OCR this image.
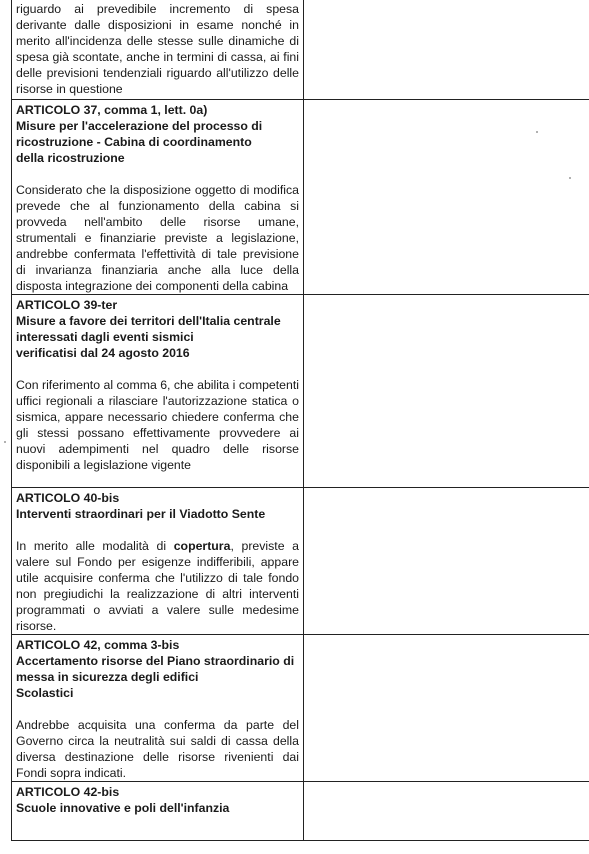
riguardo ai prevedibile incremento di spesa derivante dalle disposizioni in esame nonché in merito all'incidenza delle stesse sulle dinamiche di spesa già scontate, anche in termini di cassa, ai fini delle previsioni tendenziali riguardo all'utilizzo delle risorse in questione	

ARTICOLO 37, comma 1, lett. 0a)
Misure per l'accelerazione del processo di ricostruzione - Cabina di coordinamento
della ricostruzione
Considerato che la disposizione oggetto di modifica prevede che al funzionamento della cabina si provveda nell'ambito delle risorse umane, strumentali e finanziarie previste a legislazione, andrebbe confermata l'effettività di tale previsione di invarianza finanziaria anche alla luce della disposta integrazione dei componenti della cabina	

ARTICOLO 39-ter
Misure a favore dei territori dell'Italia centrale interessati dagli eventi sismici
verificatisi dal 24 agosto 2016
Con riferimento al comma 6, che abilita i competenti uffici regionali a rilasciare l'autorizzazione statica o sismica, appare necessario chiedere conferma che gli stessi possano effettivamente provvedere ai nuovi adempimenti nel quadro delle risorse disponibili a legislazione vigente	

ARTICOLO 40-bis
Interventi straordinari per il Viadotto Sente
In merito alle modalità di copertura, previste a valere sul Fondo per esigenze indifferibili, appare utile acquisire conferma che l'utilizzo di tale fondo non pregiudichi la realizzazione di altri interventi programmati o avviati a valere sulle medesime risorse.	

ARTICOLO 42, comma 3-bis
Accertamento risorse del Piano straordinario di messa in sicurezza degli edifici
Scolastici
Andrebbe acquisita una conferma da parte del Governo circa la neutralità sui saldi di cassa della diversa destinazione delle risorse rivenienti dai Fondi sopra indicati.	

ARTICOLO 42-bis
Scuole innovative e poli dell'infanzia	
